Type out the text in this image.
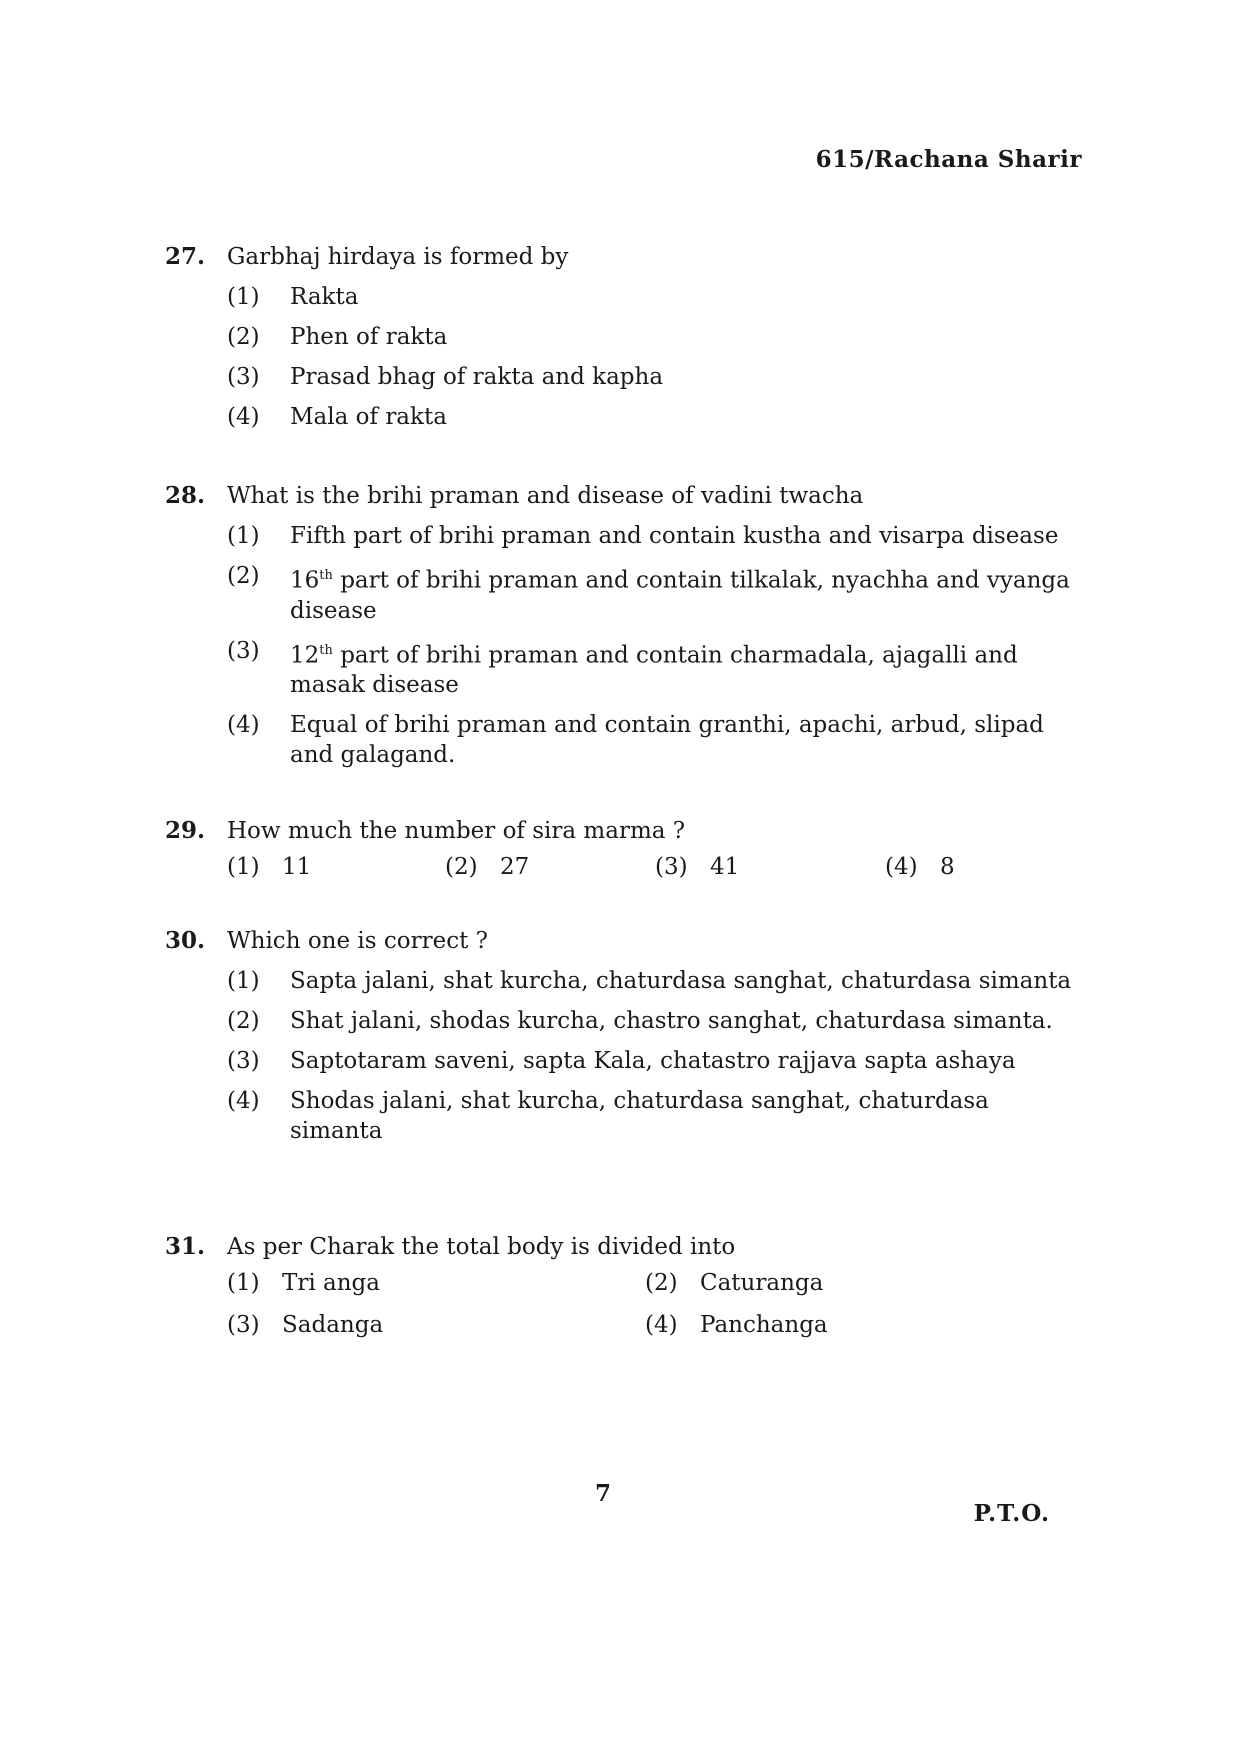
615/Rachana Sharir
27. Garbhaj hirdaya is formed by
(1) Rakta
(2) Phen of rakta
(3) Prasad bhag of rakta and kapha
(4) Mala of rakta
28. What is the brihi praman and disease of vadini twacha
(1) Fifth part of brihi praman and contain kustha and visarpa disease
(2) 16th part of brihi praman and contain tilkalak, nyachha and vyanga disease
(3) 12th part of brihi praman and contain charmadala, ajagalli and masak disease
(4) Equal of brihi praman and contain granthi, apachi, arbud, slipad and galagand.
29. How much the number of sira marma ?
(1) 11	(2) 27	(3) 41	(4) 8
30. Which one is correct ?
(1) Sapta jalani, shat kurcha, chaturdasa sanghat, chaturdasa simanta
(2) Shat jalani, shodas kurcha, chastro sanghat, chaturdasa simanta.
(3) Saptotaram saveni, sapta Kala, chatastro rajjava sapta ashaya
(4) Shodas jalani, shat kurcha, chaturdasa sanghat, chaturdasa simanta
31. As per Charak the total body is divided into
(1) Tri anga	(2) Caturanga
(3) Sadanga	(4) Panchanga
7
P.T.O.
